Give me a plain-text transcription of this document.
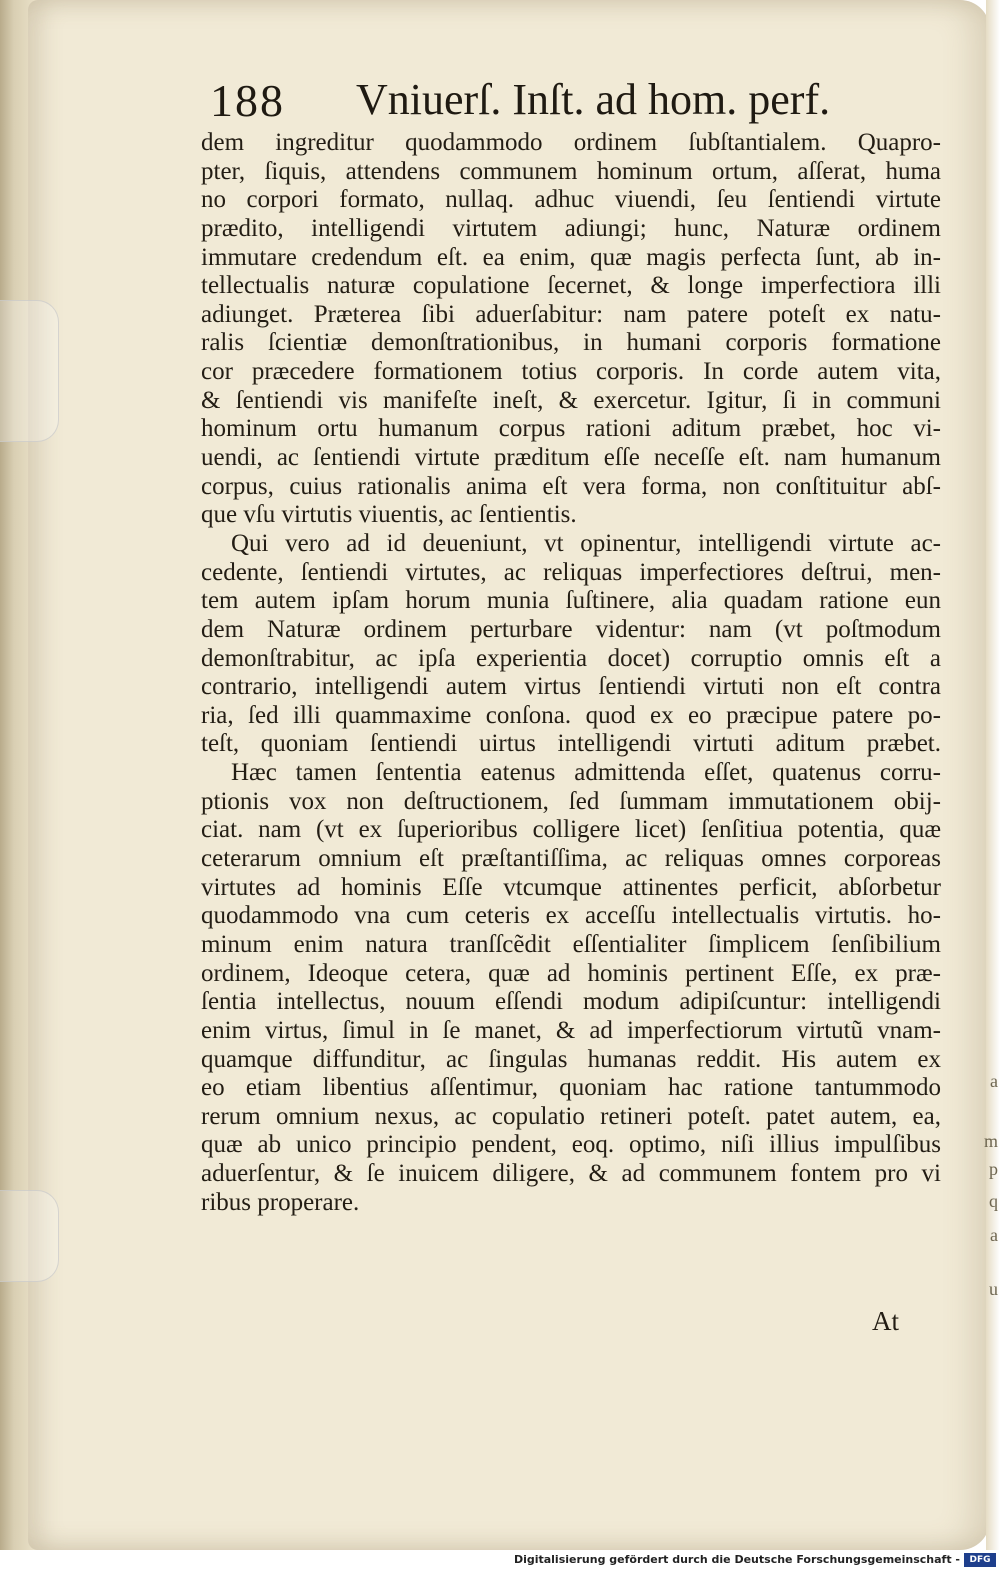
a
m
p
q
a
u
188 Vniuerſ. Inſt. ad hom. perf.
dem ingreditur quodammodo ordinem ſubſtantialem. Quapro-
pter, ſiquis, attendens communem hominum ortum, aſſerat, huma
no corpori formato, nullaq. adhuc viuendi, ſeu ſentiendi virtute
prædito, intelligendi virtutem adiungi; hunc, Naturæ ordinem
immutare credendum eſt. ea enim, quæ magis perfecta ſunt, ab in-
tellectualis naturæ copulatione ſecernet, & longe imperfectiora illi
adiunget. Præterea ſibi aduerſabitur: nam patere poteſt ex natu-
ralis ſcientiæ demonſtrationibus, in humani corporis formatione
cor præcedere formationem totius corporis. In corde autem vita,
& ſentiendi vis manifeſte ineſt, & exercetur. Igitur, ſi in communi
hominum ortu humanum corpus rationi aditum præbet, hoc vi-
uendi, ac ſentiendi virtute præditum eſſe neceſſe eſt. nam humanum
corpus, cuius rationalis anima eſt vera forma, non conſtituitur abſ-
que vſu virtutis viuentis, ac ſentientis.
Qui vero ad id deueniunt, vt opinentur, intelligendi virtute ac-
cedente, ſentiendi virtutes, ac reliquas imperfectiores deſtrui, men-
tem autem ipſam horum munia ſuſtinere, alia quadam ratione eun
dem Naturæ ordinem perturbare videntur: nam (vt poſtmodum
demonſtrabitur, ac ipſa experientia docet) corruptio omnis eſt a
contrario, intelligendi autem virtus ſentiendi virtuti non eſt contra
ria, ſed illi quammaxime conſona. quod ex eo præcipue patere po-
teſt, quoniam ſentiendi uirtus intelligendi virtuti aditum præbet.
Hæc tamen ſententia eatenus admittenda eſſet, quatenus corru-
ptionis vox non deſtructionem, ſed ſummam immutationem obij-
ciat. nam (vt ex ſuperioribus colligere licet) ſenſitiua potentia, quæ
ceterarum omnium eſt præſtantiſſima, ac reliquas omnes corporeas
virtutes ad hominis Eſſe vtcumque attinentes perficit, abſorbetur
quodammodo vna cum ceteris ex acceſſu intellectualis virtutis. ho-
minum enim natura tranſſcẽdit eſſentialiter ſimplicem ſenſibilium
ordinem, Ideoque cetera, quæ ad hominis pertinent Eſſe, ex præ-
ſentia intellectus, nouum eſſendi modum adipiſcuntur: intelligendi
enim virtus, ſimul in ſe manet, & ad imperfectiorum virtutũ vnam-
quamque diffunditur, ac ſingulas humanas reddit. His autem ex
eo etiam libentius aſſentimur, quoniam hac ratione tantummodo
rerum omnium nexus, ac copulatio retineri poteſt. patet autem, ea,
quæ ab unico principio pendent, eoq. optimo, niſi illius impulſibus
aduerſentur, & ſe inuicem diligere, & ad communem fontem pro vi
ribus properare.
At
Digitalisierung gefördert durch die Deutsche Forschungsgemeinschaft -	DFG
